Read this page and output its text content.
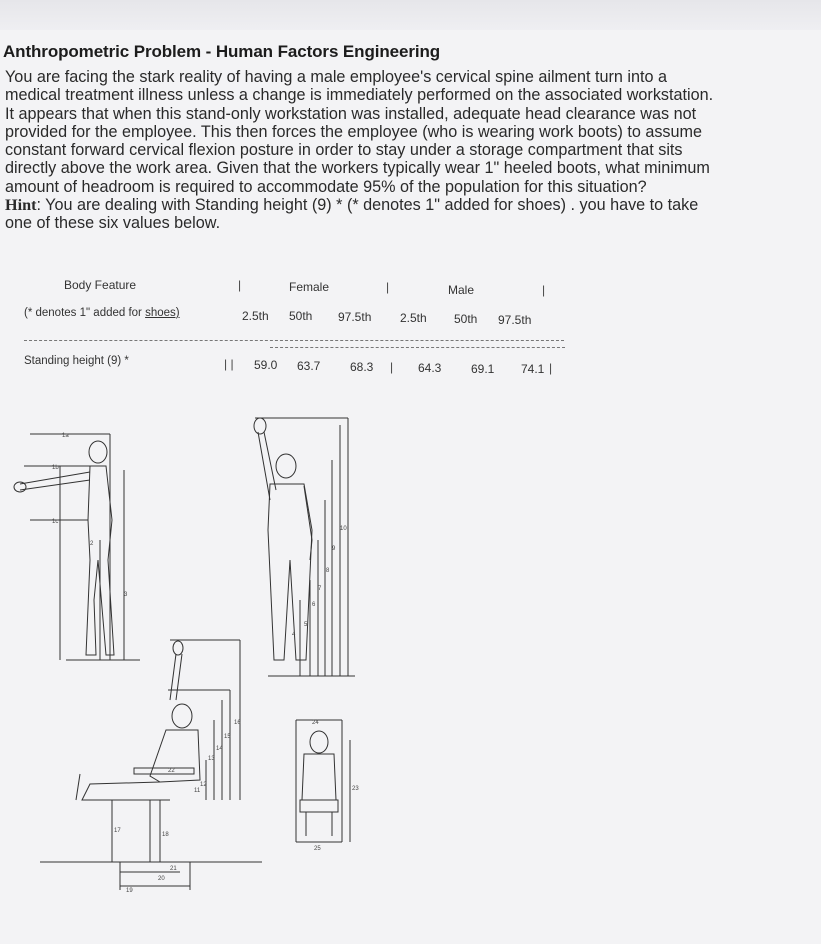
Anthropometric Problem - Human Factors Engineering

You are facing the stark reality of having a male employee's cervical spine ailment turn into a

medical treatment illness unless a change is immediately performed on the associated workstation.

It appears that when this stand-only workstation was installed, adequate head clearance was not

provided for the employee. This then forces the employee (who is wearing work boots) to assume

constant forward cervical flexion posture in order to stay under a storage compartment that sits

directly above the work area. Given that the workers typically wear 1" heeled boots, what minimum

amount of headroom is required to accommodate 95% of the population for this situation?

Hint: You are dealing with Standing height (9) * (* denotes 1" added for shoes) . you have to take

one of these six values below.

Body Feature	|	Female	|	Male	|
(* denotes 1" added for shoes)	2.5th 50th 97.5th 2.5th 50th 97.5th
Standing height (9) *	| | 59.0 63.7 68.3 | 64.3 69.1 74.1 |
1a
1b
1c
2
3
4
5
6
7
8
9
10
11
12
13
14
15
16
17
18
19
20
21
22
23
24
25
